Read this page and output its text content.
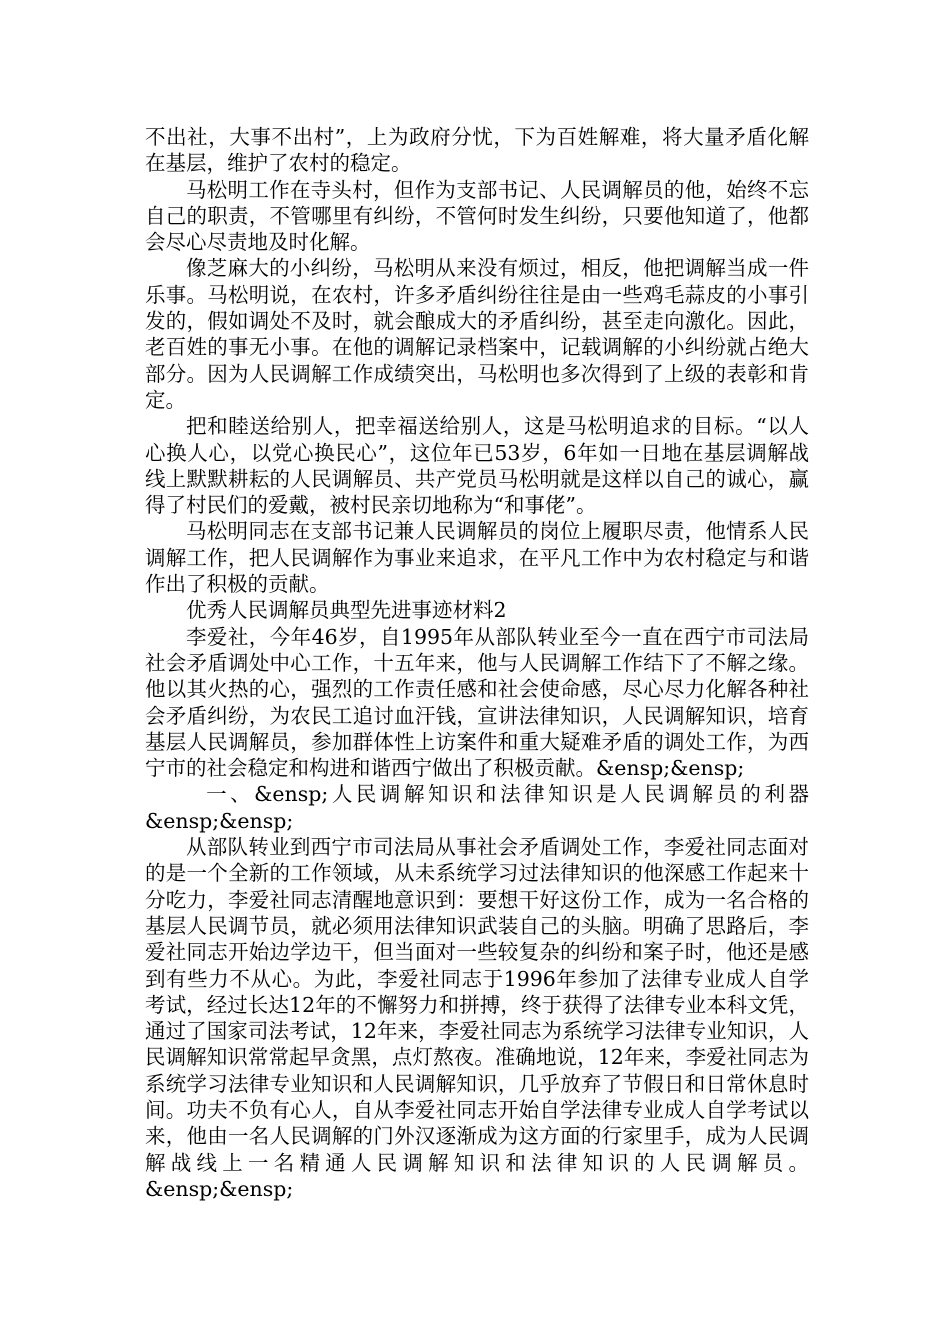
不出社，大事不出村”，上为政府分忧，下为百姓解难，将大量矛盾化解在基层，维护了农村的稳定。

马松明工作在寺头村，但作为支部书记、人民调解员的他，始终不忘自己的职责，不管哪里有纠纷，不管何时发生纠纷，只要他知道了，他都会尽心尽责地及时化解。

像芝麻大的小纠纷，马松明从来没有烦过，相反，他把调解当成一件乐事。马松明说，在农村，许多矛盾纠纷往往是由一些鸡毛蒜皮的小事引发的，假如调处不及时，就会酿成大的矛盾纠纷，甚至走向激化。因此，老百姓的事无小事。在他的调解记录档案中，记载调解的小纠纷就占绝大部分。因为人民调解工作成绩突出，马松明也多次得到了上级的表彰和肯定。

把和睦送给别人，把幸福送给别人，这是马松明追求的目标。“以人心换人心，以党心换民心”，这位年已53岁，6年如一日地在基层调解战线上默默耕耘的人民调解员、共产党员马松明就是这样以自己的诚心，赢得了村民们的爱戴，被村民亲切地称为“和事佬”。

马松明同志在支部书记兼人民调解员的岗位上履职尽责，他情系人民调解工作，把人民调解作为事业来追求，在平凡工作中为农村稳定与和谐作出了积极的贡献。

优秀人民调解员典型先进事迹材料2

李爱社，今年46岁，自1995年从部队转业至今一直在西宁市司法局社会矛盾调处中心工作，十五年来，他与人民调解工作结下了不解之缘。他以其火热的心，强烈的工作责任感和社会使命感，尽心尽力化解各种社会矛盾纠纷，为农民工追讨血汗钱，宣讲法律知识，人民调解知识，培育基层人民调解员，参加群体性上访案件和重大疑难矛盾的调处工作，为西宁市的社会稳定和构进和谐西宁做出了积极贡献。&ensp;&ensp;

一、&ensp;人民调解知识和法律知识是人民调解员的利器&ensp;&ensp;

从部队转业到西宁市司法局从事社会矛盾调处工作，李爱社同志面对的是一个全新的工作领域，从未系统学习过法律知识的他深感工作起来十分吃力，李爱社同志清醒地意识到：要想干好这份工作，成为一名合格的基层人民调节员，就必须用法律知识武装自己的头脑。明确了思路后，李爱社同志开始边学边干，但当面对一些较复杂的纠纷和案子时，他还是感到有些力不从心。为此，李爱社同志于1996年参加了法律专业成人自学考试，经过长达12年的不懈努力和拼搏，终于获得了法律专业本科文凭，通过了国家司法考试，12年来，李爱社同志为系统学习法律专业知识，人民调解知识常常起早贪黑，点灯熬夜。准确地说，12年来，李爱社同志为系统学习法律专业知识和人民调解知识，几乎放弃了节假日和日常休息时间。功夫不负有心人，自从李爱社同志开始自学法律专业成人自学考试以来，他由一名人民调解的门外汉逐渐成为这方面的行家里手，成为人民调解战线上一名精通人民调解知识和法律知识的人民调解员。&ensp;&ensp;
